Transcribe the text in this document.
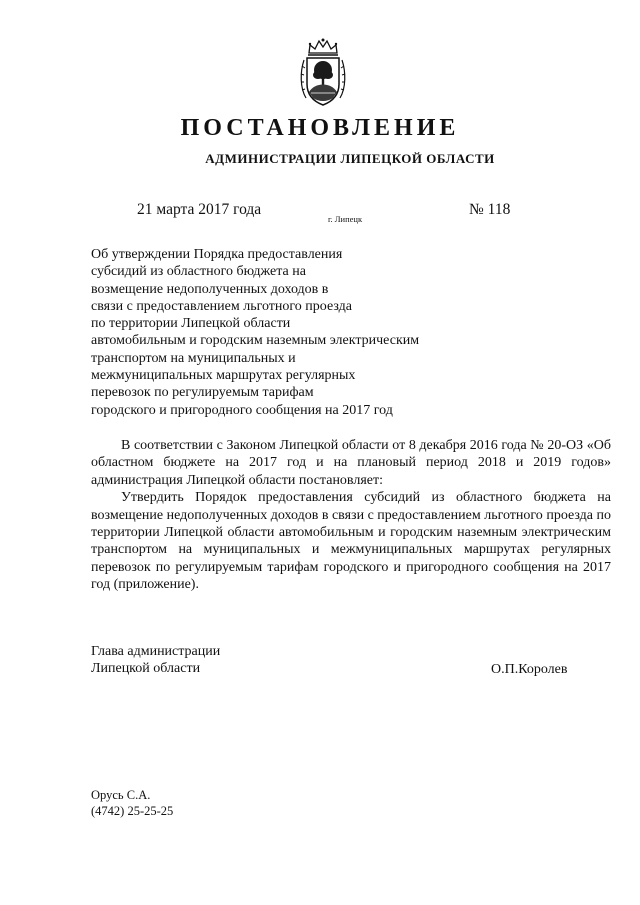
ПОСТАНОВЛЕНИЕ
АДМИНИСТРАЦИИ ЛИПЕЦКОЙ ОБЛАСТИ
21 марта 2017 года
г. Липецк
№ 118
Об утверждении Порядка предоставления
субсидий из областного бюджета на
возмещение недополученных доходов в
связи с предоставлением льготного проезда
по территории Липецкой области
автомобильным и городским наземным электрическим
транспортом на муниципальных и
межмуниципальных маршрутах регулярных
перевозок по регулируемым тарифам
городского и пригородного сообщения на 2017 год

В соответствии с Законом Липецкой области от 8 декабря 2016 года № 20-ОЗ «Об областном бюджете на 2017 год и на плановый период 2018 и 2019 годов» администрация Липецкой области постановляет:

Утвердить Порядок предоставления субсидий из областного бюджета на возмещение недополученных доходов в связи с предоставлением льготного проезда по территории Липецкой области автомобильным и городским наземным электрическим транспортом на муниципальных и межмуниципальных маршрутах регулярных перевозок по регулируемым тарифам городского и пригородного сообщения на 2017 год (приложение).

Глава администрации
Липецкой области	О.П.Королев
Орусь С.А.
(4742) 25-25-25
